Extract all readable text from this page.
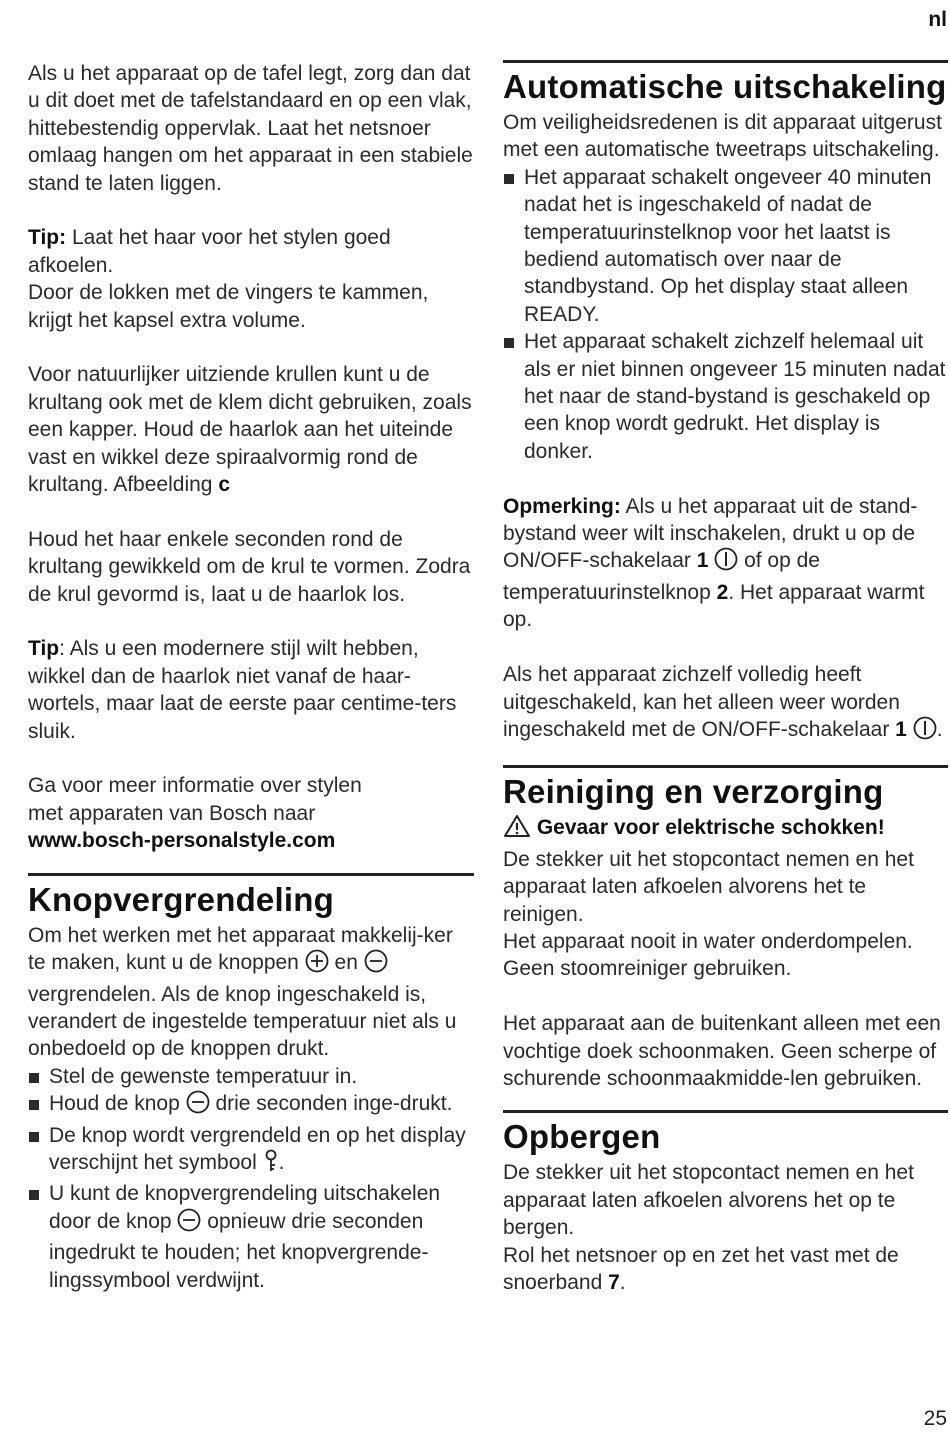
nl

Als u het apparaat op de tafel legt, zorg dan dat u dit doet met de tafelstandaard en op een vlak, hittebestendig oppervlak. Laat het netsnoer omlaag hangen om het apparaat in een stabiele stand te laten liggen.

Tip: Laat het haar voor het stylen goed afkoelen.

Door de lokken met de vingers te kammen, krijgt het kapsel extra volume.

Voor natuurlijker uitziende krullen kunt u de krultang ook met de klem dicht gebruiken, zoals een kapper. Houd de haarlok aan het uiteinde vast en wikkel deze spiraalvormig rond de krultang. Afbeelding c

Houd het haar enkele seconden rond de krultang gewikkeld om de krul te vormen. Zodra de krul gevormd is, laat u de haarlok los.

Tip: Als u een modernere stijl wilt hebben, wikkel dan de haarlok niet vanaf de haar-wortels, maar laat de eerste paar centime-ters sluik.

Ga voor meer informatie over stylen
met apparaten van Bosch naar
www.bosch-personalstyle.com

Knopvergrendeling

Om het werken met het apparaat makkelij-ker te maken, kunt u de knoppen  en  vergrendelen. Als de knop ingeschakeld is, verandert de ingestelde temperatuur niet als u onbedoeld op de knoppen drukt.

Stel de gewenste temperatuur in.
Houd de knop  drie seconden inge-drukt.
De knop wordt vergrendeld en op het display verschijnt het symbool .
U kunt de knopvergrendeling uitschakelen door de knop  opnieuw drie seconden ingedrukt te houden; het knopvergrende-lingssymbool verdwijnt.
Automatische uitschakeling

Om veiligheidsredenen is dit apparaat uitgerust met een automatische tweetraps uitschakeling.

Het apparaat schakelt ongeveer 40 minuten nadat het is ingeschakeld of nadat de temperatuurinstelknop voor het laatst is bediend automatisch over naar de standbystand. Op het display staat alleen READY.
Het apparaat schakelt zichzelf helemaal uit als er niet binnen ongeveer 15 minuten nadat het naar de stand-bystand is geschakeld op een knop wordt gedrukt. Het display is donker.

Opmerking: Als u het apparaat uit de stand-bystand weer wilt inschakelen, drukt u op de ON/OFF-schakelaar 1  of op de temperatuurinstelknop 2. Het apparaat warmt op.

Als het apparaat zichzelf volledig heeft uitgeschakeld, kan het alleen weer worden ingeschakeld met de ON/OFF-schakelaar 1 .

Reiniging en verzorging

Gevaar voor elektrische schokken!

De stekker uit het stopcontact nemen en het apparaat laten afkoelen alvorens het te reinigen.

Het apparaat nooit in water onderdompelen. Geen stoomreiniger gebruiken.

Het apparaat aan de buitenkant alleen met een vochtige doek schoonmaken. Geen scherpe of schurende schoonmaakmidde-len gebruiken.

Opbergen

De stekker uit het stopcontact nemen en het apparaat laten afkoelen alvorens het op te bergen.

Rol het netsnoer op en zet het vast met de snoerband 7.

25
